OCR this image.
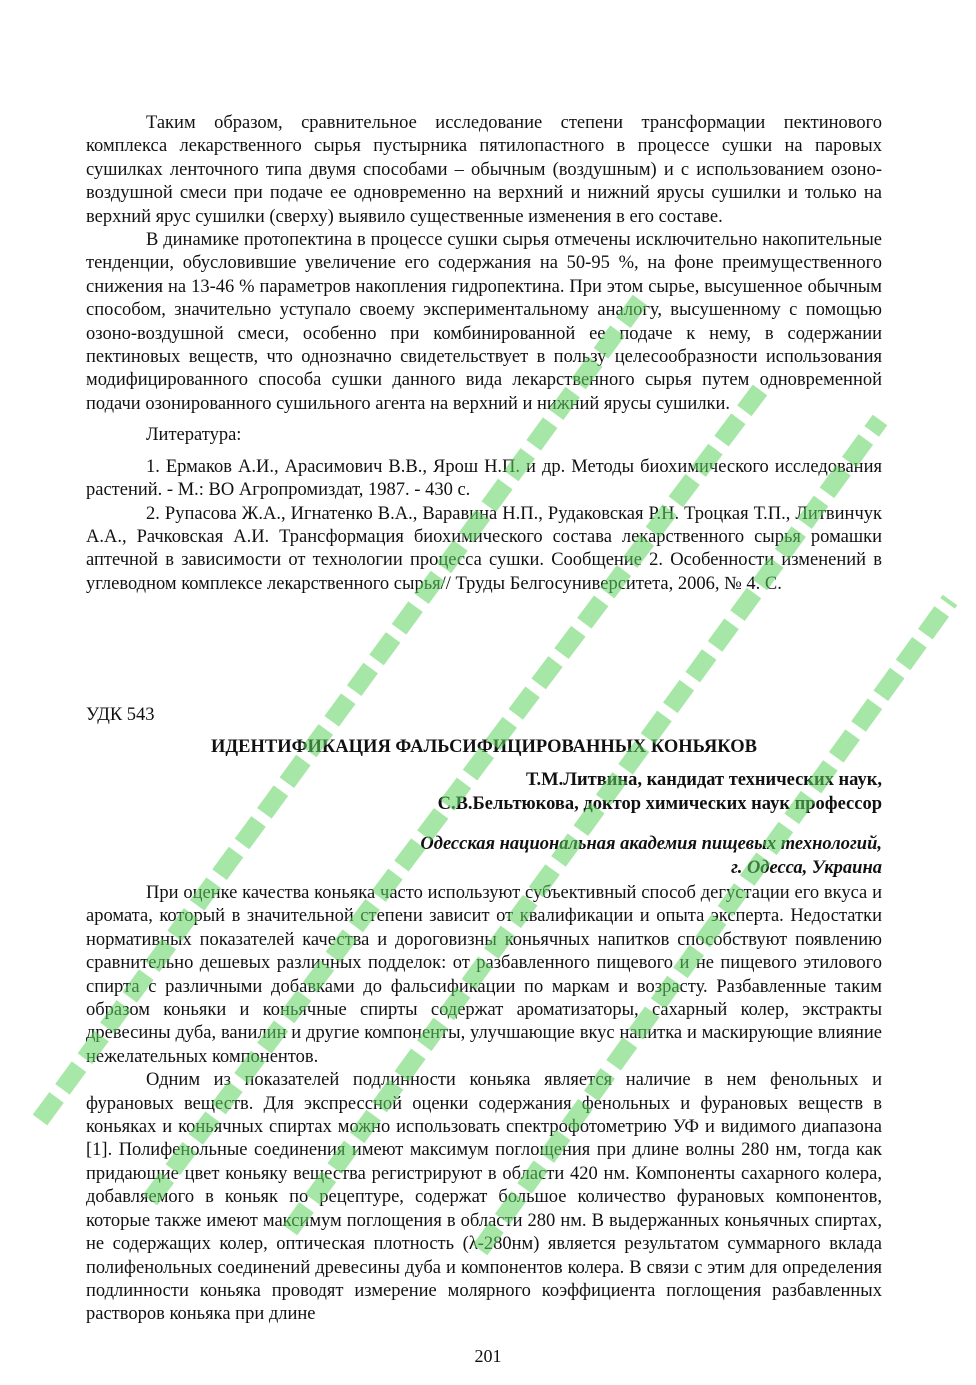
Таким образом, сравнительное исследование степени трансформации пектинового комплекса лекарственного сырья пустырника пятилопастного в процессе сушки на паровых сушилках ленточного типа двумя способами – обычным (воздушным) и с использованием озоно-воздушной смеси при подаче ее одновременно на верхний и нижний ярусы сушилки и только на верхний ярус сушилки (сверху) выявило существенные изменения в его составе.

В динамике протопектина в процессе сушки сырья отмечены исключительно накопительные тенденции, обусловившие увеличение его содержания на 50-95 %, на фоне преимущественного снижения на 13-46 % параметров накопления гидропектина. При этом сырье, высушенное обычным способом, значительно уступало своему экспериментальному аналогу, высушенному с помощью озоно-воздушной смеси, особенно при комбинированной ее подаче к нему, в содержании пектиновых веществ, что однозначно свидетельствует в пользу целесообразности использования модифицированного способа сушки данного вида лекарственного сырья путем одновременной подачи озонированного сушильного агента на верхний и нижний ярусы сушилки.

Литература:

1. Ермаков А.И., Арасимович В.В., Ярош Н.П. и др. Методы биохимического исследования растений. - М.: ВО Агропромиздат, 1987. - 430 с.

2. Рупасова Ж.А., Игнатенко В.А., Варавина Н.П., Рудаковская Р.Н. Троцкая Т.П., Литвинчук А.А., Рачковская А.И. Трансформация биохимического состава лекарственного сырья ромашки аптечной в зависимости от технологии процесса сушки. Сообщение 2. Особенности изменений в углеводном комплексе лекарственного сырья// Труды Белгосуниверситета, 2006, № 4. С.

УДК 543

ИДЕНТИФИКАЦИЯ ФАЛЬСИФИЦИРОВАННЫХ КОНЬЯКОВ
Т.М.Литвина, кандидат технических наук,
С.В.Бельтюкова, доктор химических наук профессор
Одесская национальная академия пищевых технологий,
г. Одесса, Украина

При оценке качества коньяка часто используют субъективный способ дегустации его вкуса и аромата, который в значительной степени зависит от квалификации и опыта эксперта. Недостатки нормативных показателей качества и дороговизны коньячных напитков способствуют появлению сравнительно дешевых различных подделок: от разбавленного пищевого и не пищевого этилового спирта с различными добавками до фальсификации по маркам и возрасту. Разбавленные таким образом коньяки и коньячные спирты содержат ароматизаторы, сахарный колер, экстракты древесины дуба, ванилин и другие компоненты, улучшающие вкус напитка и маскирующие влияние нежелательных компонентов.

Одним из показателей подлинности коньяка является наличие в нем фенольных и фурановых веществ. Для экспрессной оценки содержания фенольных и фурановых веществ в коньяках и коньячных спиртах можно использовать спектрофотометрию УФ и видимого диапазона [1]. Полифенольные соединения имеют максимум поглощения при длине волны 280 нм, тогда как придающие цвет коньяку вещества регистрируют в области 420 нм. Компоненты сахарного колера, добавляемого в коньяк по рецептуре, содержат большое количество фурановых компонентов, которые также имеют максимум поглощения в области 280 нм. В выдержанных коньячных спиртах, не содержащих колер, оптическая плотность (λ-280нм) является результатом суммарного вклада полифенольных соединений древесины дуба и компонентов колера. В связи с этим для определения подлинности коньяка проводят измерение молярного коэффициента поглощения разбавленных растворов коньяка при длине

201
